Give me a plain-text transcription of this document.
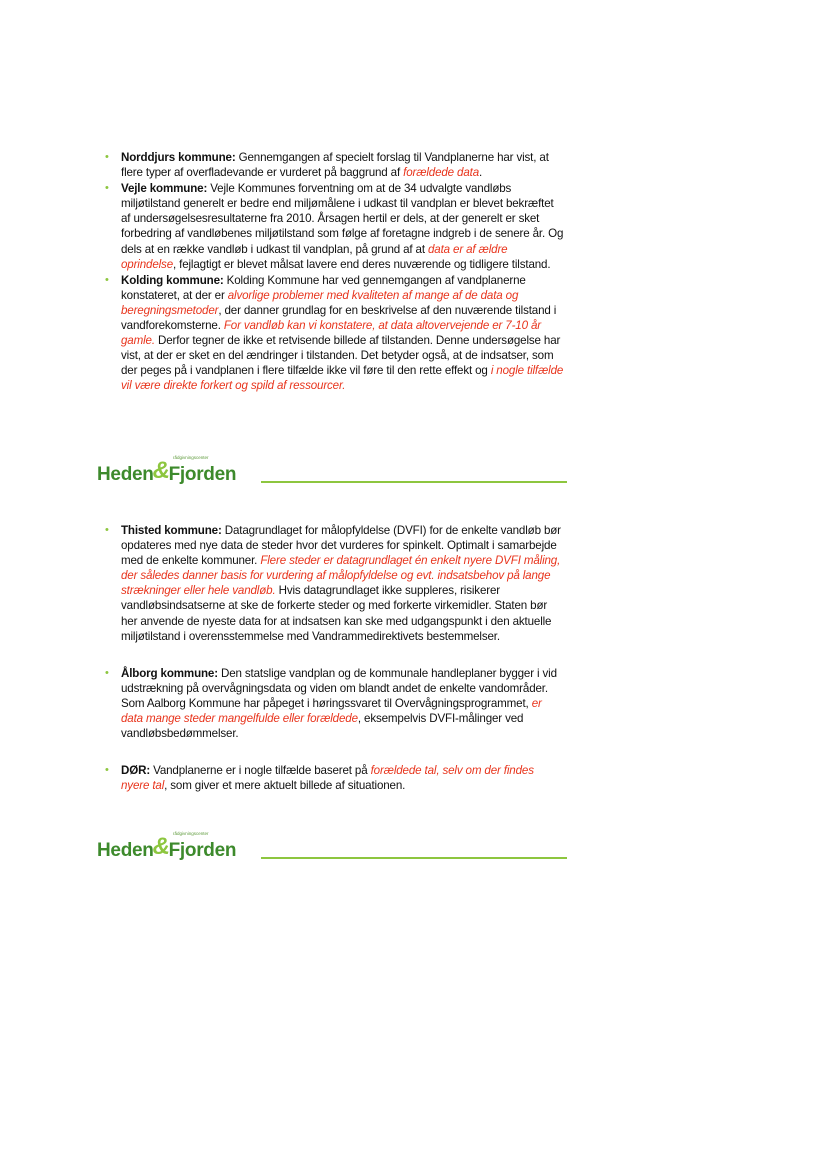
• Norddjurs kommune: Gennemgangen af specielt forslag til Vandplanerne har vist, at flere typer af overfladevande er vurderet på baggrund af forældede data.
• Vejle kommune: Vejle Kommunes forventning om at de 34 udvalgte vandløbs miljøtilstand generelt er bedre end miljømålene i udkast til vandplan er blevet bekræftet af undersøgelsesresultaterne fra 2010. Årsagen hertil er dels, at der generelt er sket forbedring af vandløbenes miljøtilstand som følge af foretagne indgreb i de senere år. Og dels at en række vandløb i udkast til vandplan, på grund af at data er af ældre oprindelse, fejlagtigt er blevet målsat lavere end deres nuværende og tidligere tilstand.
• Kolding kommune: Kolding Kommune har ved gennemgangen af vandplanerne konstateret, at der er alvorlige problemer med kvaliteten af mange af de data og beregningsmetoder, der danner grundlag for en beskrivelse af den nuværende tilstand i vandforekomsterne. For vandløb kan vi konstatere, at data altovervejende er 7-10 år gamle. Derfor tegner de ikke et retvisende billede af tilstanden. Denne undersøgelse har vist, at der er sket en del ændringer i tilstanden. Det betyder også, at de indsatser, som der peges på i vandplanen i flere tilfælde ikke vil føre til den rette effekt og i nogle tilfælde vil være direkte forkert og spild af ressourcer.
Heden&Fjorden
rådgivningscenter
• Thisted kommune: Datagrundlaget for målopfyldelse (DVFI) for de enkelte vandløb bør opdateres med nye data de steder hvor det vurderes for spinkelt. Optimalt i samarbejde med de enkelte kommuner. Flere steder er datagrundlaget én enkelt nyere DVFI måling, der således danner basis for vurdering af målopfyldelse og evt. indsatsbehov på lange strækninger eller hele vandløb. Hvis datagrundlaget ikke suppleres, risikerer vandløbsindsatserne at ske de forkerte steder og med forkerte virkemidler. Staten bør her anvende de nyeste data for at indsatsen kan ske med udgangspunkt i den aktuelle miljøtilstand i overensstemmelse med Vandrammedirektivets bestemmelser.
• Ålborg kommune: Den statslige vandplan og de kommunale handleplaner bygger i vid udstrækning på overvågningsdata og viden om blandt andet de enkelte vandområder. Som Aalborg Kommune har påpeget i høringssvaret til Overvågningsprogrammet, er data mange steder mangelfulde eller forældede, eksempelvis DVFI-målinger ved vandløbsbedømmelser.
• DØR: Vandplanerne er i nogle tilfælde baseret på forældede tal, selv om der findes nyere tal, som giver et mere aktuelt billede af situationen.
Heden&Fjorden
rådgivningscenter
